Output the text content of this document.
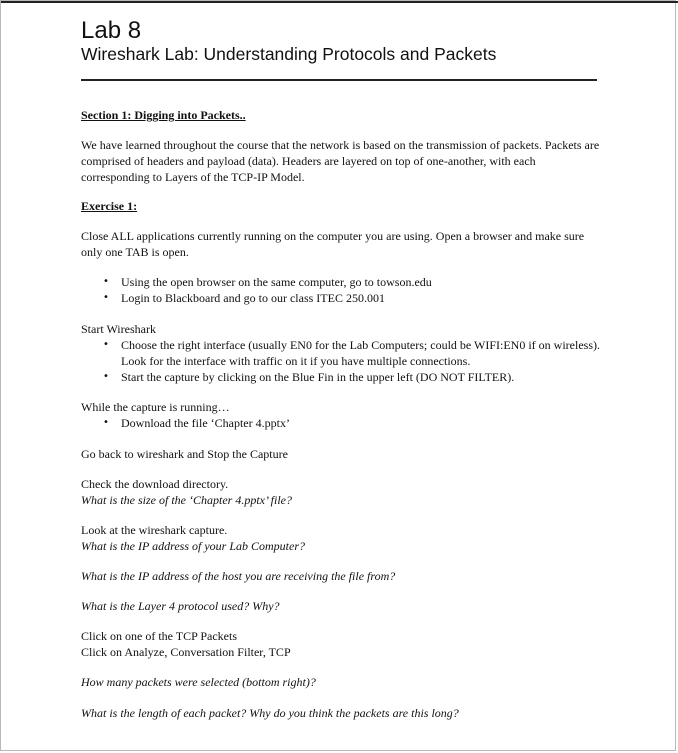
Lab 8
Wireshark Lab: Understanding Protocols and Packets
Section 1: Digging into Packets..
We have learned throughout the course that the network is based on the transmission of packets. Packets are comprised of headers and payload (data). Headers are layered on top of one-another, with each corresponding to Layers of the TCP-IP Model.
Exercise 1:
Close ALL applications currently running on the computer you are using. Open a browser and make sure only one TAB is open.
• Using the open browser on the same computer, go to towson.edu
• Login to Blackboard and go to our class ITEC 250.001
Start Wireshark
• Choose the right interface (usually EN0 for the Lab Computers; could be WIFI:EN0 if on wireless). Look for the interface with traffic on it if you have multiple connections.
• Start the capture by clicking on the Blue Fin in the upper left (DO NOT FILTER).
While the capture is running…
• Download the file ‘Chapter 4.pptx’
Go back to wireshark and Stop the Capture
Check the download directory.
What is the size of the ‘Chapter 4.pptx’ file?
Look at the wireshark capture.
What is the IP address of your Lab Computer?
What is the IP address of the host you are receiving the file from?
What is the Layer 4 protocol used? Why?
Click on one of the TCP Packets
Click on Analyze, Conversation Filter, TCP
How many packets were selected (bottom right)?
What is the length of each packet? Why do you think the packets are this long?
